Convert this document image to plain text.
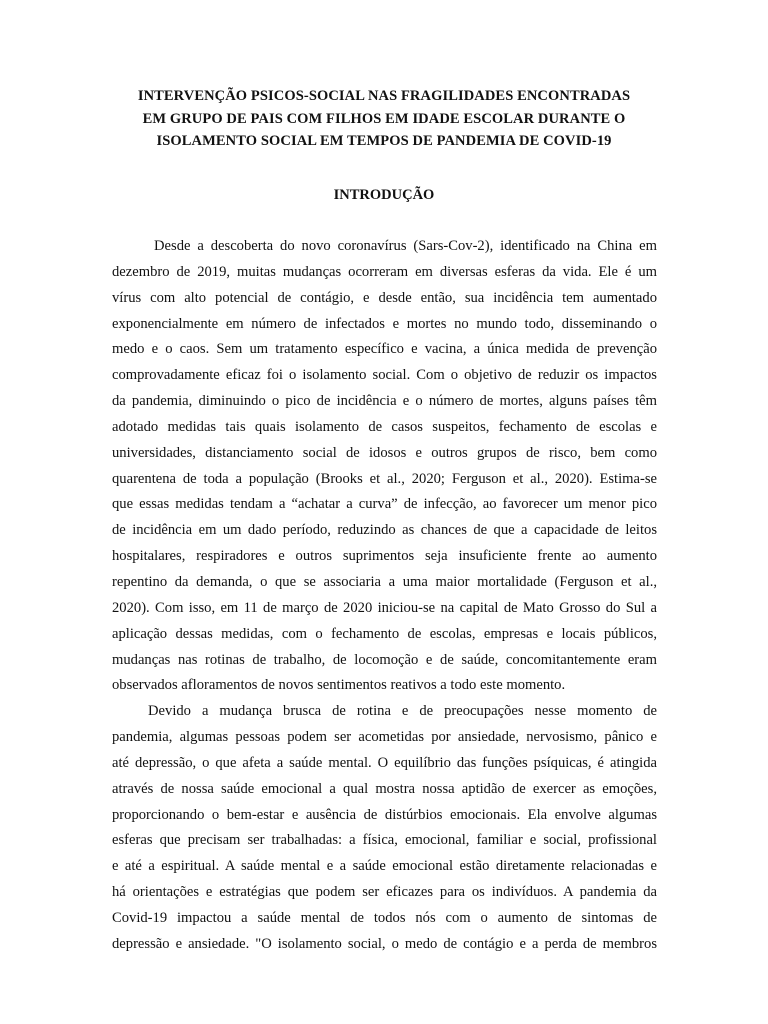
INTERVENÇÃO PSICOS-SOCIAL NAS FRAGILIDADES ENCONTRADAS
EM GRUPO DE PAIS COM FILHOS EM IDADE ESCOLAR DURANTE O
ISOLAMENTO SOCIAL EM TEMPOS DE PANDEMIA DE COVID-19
INTRODUÇÃO

Desde a descoberta do novo coronavírus (Sars-Cov-2), identificado na China em
dezembro de 2019, muitas mudanças ocorreram em diversas esferas da vida. Ele é um
vírus com alto potencial de contágio, e desde então, sua incidência tem aumentado
exponencialmente em número de infectados e mortes no mundo todo, disseminando o
medo e o caos. Sem um tratamento específico e vacina, a única medida de prevenção
comprovadamente eficaz foi o isolamento social. Com o objetivo de reduzir os impactos
da pandemia, diminuindo o pico de incidência e o número de mortes, alguns países têm
adotado medidas tais quais isolamento de casos suspeitos, fechamento de escolas e
universidades, distanciamento social de idosos e outros grupos de risco, bem como
quarentena de toda a população (Brooks et al., 2020; Ferguson et al., 2020). Estima-se
que essas medidas tendam a “achatar a curva” de infecção, ao favorecer um menor pico
de incidência em um dado período, reduzindo as chances de que a capacidade de leitos
hospitalares, respiradores e outros suprimentos seja insuficiente frente ao aumento
repentino da demanda, o que se associaria a uma maior mortalidade (Ferguson et al.,
2020). Com isso, em 11 de março de 2020 iniciou-se na capital de Mato Grosso do Sul a
aplicação dessas medidas, com o fechamento de escolas, empresas e locais públicos,
mudanças nas rotinas de trabalho, de locomoção e de saúde, concomitantemente eram
observados afloramentos de novos sentimentos reativos a todo este momento.

Devido a mudança brusca de rotina e de preocupações nesse momento de
pandemia, algumas pessoas podem ser acometidas por ansiedade, nervosismo, pânico e
até depressão, o que afeta a saúde mental. O equilíbrio das funções psíquicas, é atingida
através de nossa saúde emocional a qual mostra nossa aptidão de exercer as emoções,
proporcionando o bem-estar e ausência de distúrbios emocionais. Ela envolve algumas
esferas que precisam ser trabalhadas: a física, emocional, familiar e social, profissional
e até a espiritual. A saúde mental e a saúde emocional estão diretamente relacionadas e
há orientações e estratégias que podem ser eficazes para os indivíduos. A pandemia da
Covid-19 impactou a saúde mental de todos nós com o aumento de sintomas de
depressão e ansiedade. "O isolamento social, o medo de contágio e a perda de membros
